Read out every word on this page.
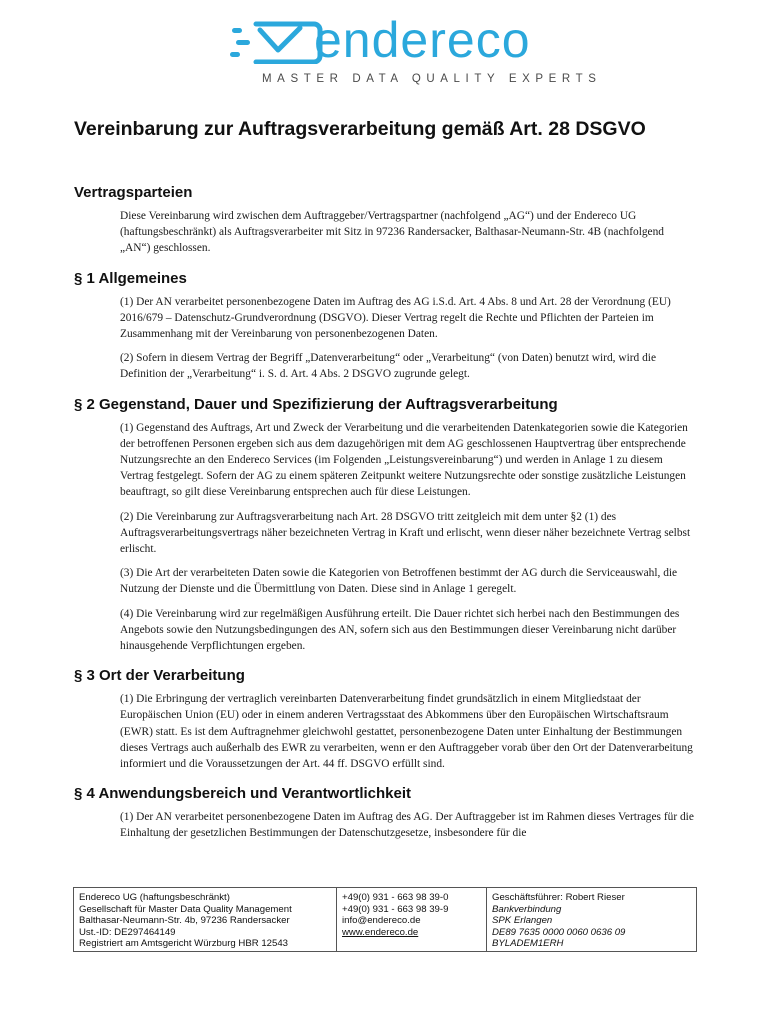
endereco
MASTER DATA QUALITY EXPERTS
Vereinbarung zur Auftragsverarbeitung gemäß Art. 28 DSGVO
Vertragsparteien

Diese Vereinbarung wird zwischen dem Auftraggeber/Vertragspartner (nachfolgend „AG“) und der Endereco UG (haftungsbeschränkt) als Auftragsverarbeiter mit Sitz in 97236 Randersacker, Balthasar-Neumann-Str. 4B (nachfolgend „AN“) geschlossen.

§ 1 Allgemeines

(1) Der AN verarbeitet personenbezogene Daten im Auftrag des AG i.S.d. Art. 4 Abs. 8 und Art. 28 der Verordnung (EU) 2016/679 – Datenschutz-Grundverordnung (DSGVO). Dieser Vertrag regelt die Rechte und Pflichten der Parteien im Zusammenhang mit der Vereinbarung von personenbezogenen Daten.

(2) Sofern in diesem Vertrag der Begriff „Datenverarbeitung“ oder „Verarbeitung“ (von Daten) benutzt wird, wird die Definition der „Verarbeitung“ i. S. d. Art. 4 Abs. 2 DSGVO zugrunde gelegt.

§ 2 Gegenstand, Dauer und Spezifizierung der Auftragsverarbeitung

(1) Gegenstand des Auftrags, Art und Zweck der Verarbeitung und die verarbeitenden Datenkategorien sowie die Kategorien der betroffenen Personen ergeben sich aus dem dazugehörigen mit dem AG geschlossenen Hauptvertrag über entsprechende Nutzungsrechte an den Endereco Services (im Folgenden „Leistungsvereinbarung“) und werden in Anlage 1 zu diesem Vertrag festgelegt. Sofern der AG zu einem späteren Zeitpunkt weitere Nutzungsrechte oder sonstige zusätzliche Leistungen beauftragt, so gilt diese Vereinbarung entsprechen auch für diese Leistungen.

(2) Die Vereinbarung zur Auftragsverarbeitung nach Art. 28 DSGVO tritt zeitgleich mit dem unter §2 (1) des Auftragsverarbeitungsvertrags näher bezeichneten Vertrag in Kraft und erlischt, wenn dieser näher bezeichnete Vertrag selbst erlischt.

(3) Die Art der verarbeiteten Daten sowie die Kategorien von Betroffenen bestimmt der AG durch die Serviceauswahl, die Nutzung der Dienste und die Übermittlung von Daten. Diese sind in Anlage 1 geregelt.

(4) Die Vereinbarung wird zur regelmäßigen Ausführung erteilt. Die Dauer richtet sich herbei nach den Bestimmungen des Angebots sowie den Nutzungsbedingungen des AN, sofern sich aus den Bestimmungen dieser Vereinbarung nicht darüber hinausgehende Verpflichtungen ergeben.

§ 3 Ort der Verarbeitung

(1) Die Erbringung der vertraglich vereinbarten Datenverarbeitung findet grundsätzlich in einem Mitgliedstaat der Europäischen Union (EU) oder in einem anderen Vertragsstaat des Abkommens über den Europäischen Wirtschaftsraum (EWR) statt. Es ist dem Auftragnehmer gleichwohl gestattet, personenbezogene Daten unter Einhaltung der Bestimmungen dieses Vertrags auch außerhalb des EWR zu verarbeiten, wenn er den Auftraggeber vorab über den Ort der Datenverarbeitung informiert und die Voraussetzungen der Art. 44 ff. DSGVO erfüllt sind.

§ 4 Anwendungsbereich und Verantwortlichkeit

(1) Der AN verarbeitet personenbezogene Daten im Auftrag des AG. Der Auftraggeber ist im Rahmen dieses Vertrages für die Einhaltung der gesetzlichen Bestimmungen der Datenschutzgesetze, insbesondere für die

Endereco UG (haftungsbeschränkt)
Gesellschaft für Master Data Quality Management
Balthasar-Neumann-Str. 4b, 97236 Randersacker
Ust.-ID: DE297464149
Registriert am Amtsgericht Würzburg HBR 12543
+49(0) 931 - 663 98 39-0
+49(0) 931 - 663 98 39-9
info@endereco.de
www.endereco.de
Geschäftsführer: Robert Rieser
Bankverbindung
SPK Erlangen
DE89 7635 0000 0060 0636 09
BYLADEM1ERH
